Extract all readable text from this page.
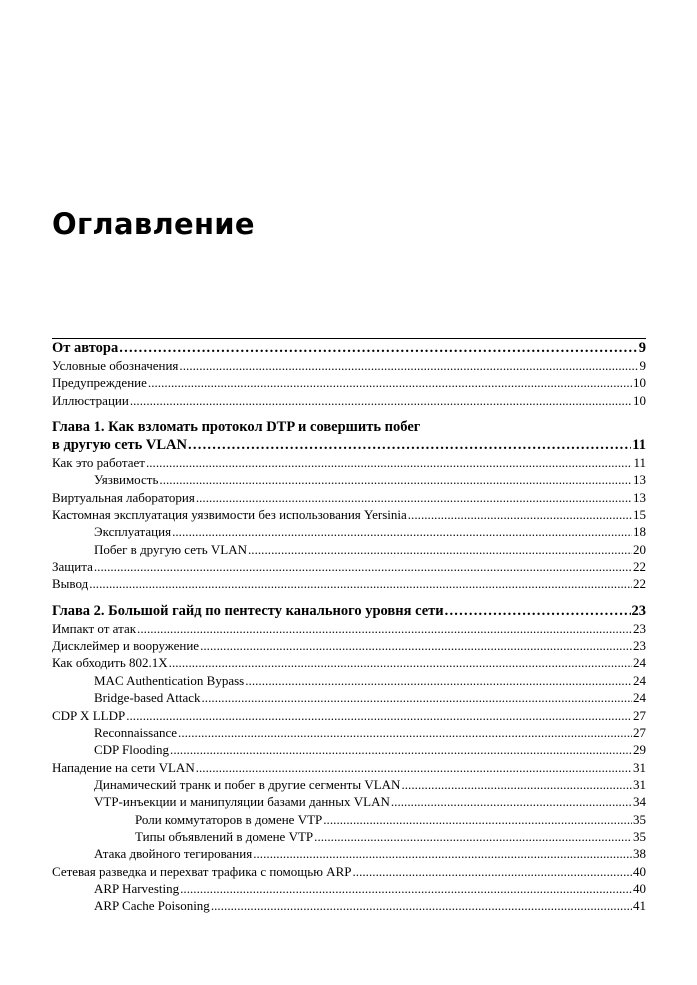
Оглавление
От автора . . .	9
Условные обозначения . . .	9
Предупреждение . . .	10
Иллюстрации . . .	10
Глава 1. Как взломать протокол DTP и совершить побег
в другую сеть VLAN . . .	11
Как это работает . . .	11
Уязвимость . . .	13
Виртуальная лаборатория . . .	13
Кастомная эксплуатация уязвимости без использования Yersinia . . .	15
Эксплуатация . . .	18
Побег в другую сеть VLAN . . .	20
Защита . . .	22
Вывод . . .	22
Глава 2. Большой гайд по пентесту канального уровня сети . . .	23
Импакт от атак . . .	23
Дисклеймер и вооружение . . .	23
Как обходить 802.1X . . .	24
MAC Authentication Bypass . . .	24
Bridge-based Attack . . .	24
CDP X LLDP . . .	27
Reconnaissance . . .	27
CDP Flooding . . .	29
Нападение на сети VLAN . . .	31
Динамический транк и побег в другие сегменты VLAN . . .	31
VTP-инъекции и манипуляции базами данных VLAN . . .	34
Роли коммутаторов в домене VTP . . .	35
Типы объявлений в домене VTP . . .	35
Атака двойного тегирования . . .	38
Сетевая разведка и перехват трафика с помощью ARP . . .	40
ARP Harvesting . . .	40
ARP Cache Poisoning . . .	41
